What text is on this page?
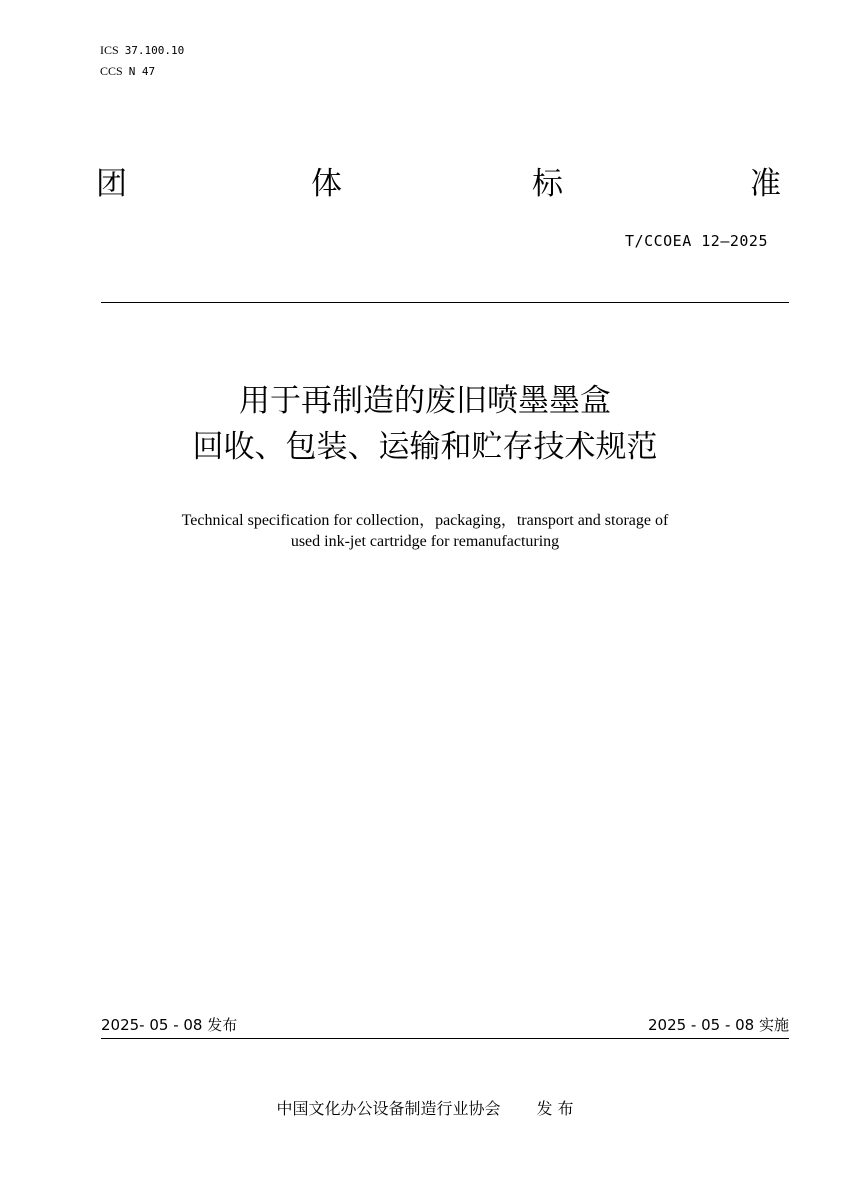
ICS 37.100.10
CCS N 47
团	体	标	准
T/CCOEA 12—2025
用于再制造的废旧喷墨墨盒
回收、包装、运输和贮存技术规范
Technical specification for collection，packaging，transport and storage of
used ink-jet cartridge for remanufacturing
2025- 05 - 08 发布	2025 - 05 - 08 实施
中国文化办公设备制造行业协会 发 布
